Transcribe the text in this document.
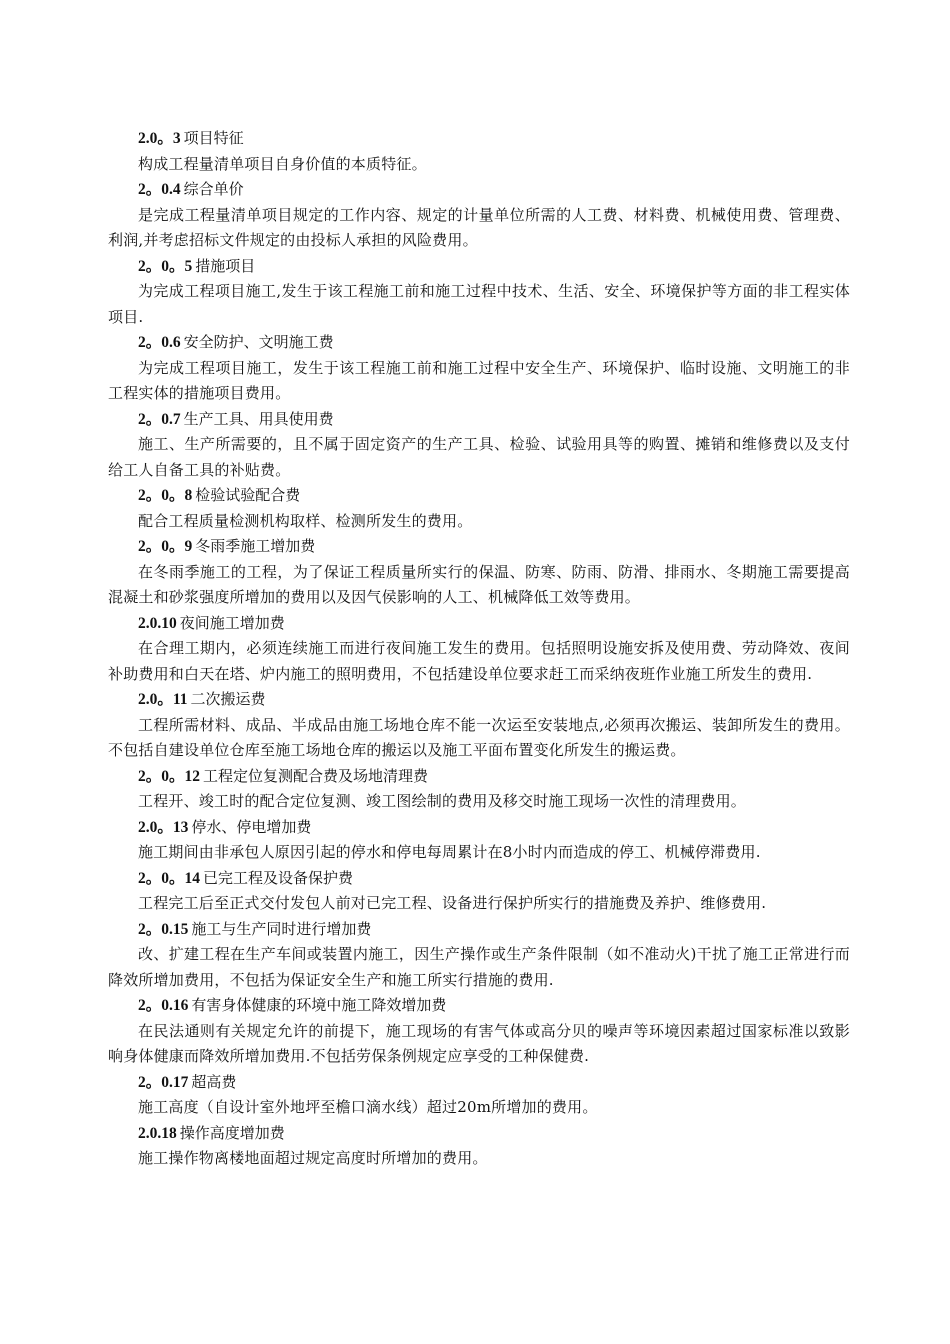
2.0。3 项目特征

构成工程量清单项目自身价值的本质特征。

2。0.4 综合单价

是完成工程量清单项目规定的工作内容、规定的计量单位所需的人工费、材料费、机械使用费、管理费、利润,并考虑招标文件规定的由投标人承担的风险费用。

2。0。5 措施项目

为完成工程项目施工,发生于该工程施工前和施工过程中技术、生活、安全、环境保护等方面的非工程实体项目.

2。0.6 安全防护、文明施工费

为完成工程项目施工，发生于该工程施工前和施工过程中安全生产、环境保护、临时设施、文明施工的非工程实体的措施项目费用。

2。0.7 生产工具、用具使用费

施工、生产所需要的，且不属于固定资产的生产工具、检验、试验用具等的购置、摊销和维修费以及支付给工人自备工具的补贴费。

2。0。8 检验试验配合费

配合工程质量检测机构取样、检测所发生的费用。

2。0。9 冬雨季施工增加费

在冬雨季施工的工程，为了保证工程质量所实行的保温、防寒、防雨、防滑、排雨水、冬期施工需要提高混凝土和砂浆强度所增加的费用以及因气侯影响的人工、机械降低工效等费用。

2.0.10 夜间施工增加费

在合理工期内，必须连续施工而进行夜间施工发生的费用。包括照明设施安拆及使用费、劳动降效、夜间补助费用和白天在塔、炉内施工的照明费用，不包括建设单位要求赶工而采纳夜班作业施工所发生的费用.

2.0。11 二次搬运费

工程所需材料、成品、半成品由施工场地仓库不能一次运至安装地点,必须再次搬运、装卸所发生的费用。不包括自建设单位仓库至施工场地仓库的搬运以及施工平面布置变化所发生的搬运费。

2。0。12 工程定位复测配合费及场地清理费

工程开、竣工时的配合定位复测、竣工图绘制的费用及移交时施工现场一次性的清理费用。

2.0。13 停水、停电增加费

施工期间由非承包人原因引起的停水和停电每周累计在8小时内而造成的停工、机械停滞费用.

2。0。14 已完工程及设备保护费

工程完工后至正式交付发包人前对已完工程、设备进行保护所实行的措施费及养护、维修费用.

2。0.15 施工与生产同时进行增加费

改、扩建工程在生产车间或装置内施工，因生产操作或生产条件限制（如不准动火)干扰了施工正常进行而降效所增加费用，不包括为保证安全生产和施工所实行措施的费用.

2。0.16 有害身体健康的环境中施工降效增加费

在民法通则有关规定允许的前提下，施工现场的有害气体或高分贝的噪声等环境因素超过国家标准以致影响身体健康而降效所增加费用.不包括劳保条例规定应享受的工种保健费.

2。0.17 超高费

施工高度（自设计室外地坪至檐口滴水线）超过20m所增加的费用。

2.0.18 操作高度增加费

施工操作物离楼地面超过规定高度时所增加的费用。
